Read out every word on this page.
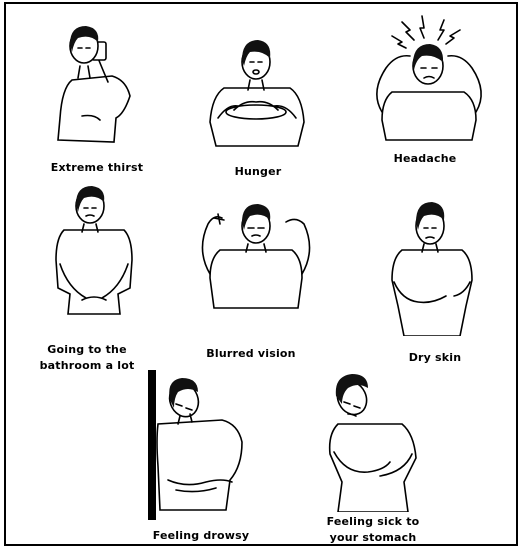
Extreme thirst	Hunger
Headache
Going to the
bathroom a lot
Blurred vision	Dry skin
Feeling drowsy
Feeling sick to
your stomach
